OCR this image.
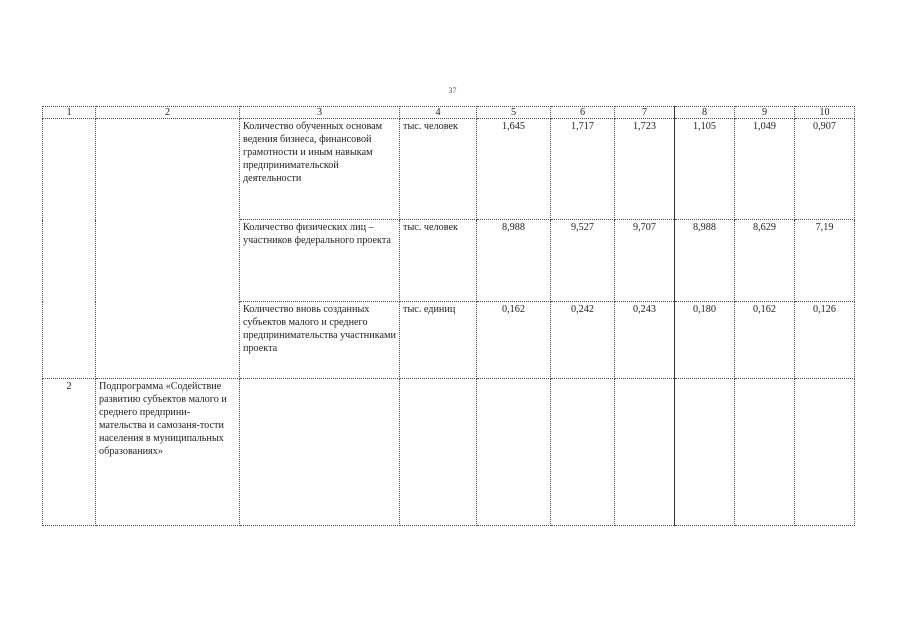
37
1	2	3	4	5	6	7	8	9	10
		Количество обученных основам ведения бизнеса, финансовой грамотности и иным навыкам предпринимательской деятельности	тыс. человек	1,645	1,717	1,723	1,105	1,049	0,907
		Количество физических лиц – участников федерального проекта	тыс. человек	8,988	9,527	9,707	8,988	8,629	7,19
		Количество вновь созданных субъектов малого и среднего предпринимательства участниками проекта	тыс. единиц	0,162	0,242	0,243	0,180	0,162	0,126
2	Подпрограмма «Содействие развитию субъектов малого и среднего предприни-мательства и самозаня-тости населения в муниципальных образованиях»								
